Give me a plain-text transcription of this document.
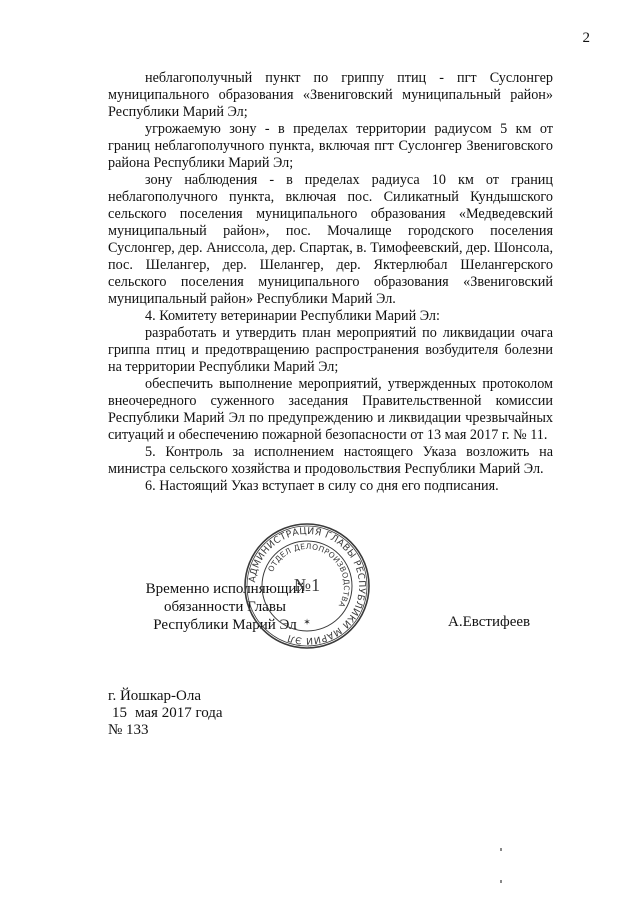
2

неблагополучный пункт по гриппу птиц - пгт Суслонгер муниципального образования «Звениговский муниципальный район» Республики Марий Эл;

угрожаемую зону - в пределах территории радиусом 5 км от границ неблагополучного пункта, включая пгт Суслонгер Звениговского района Республики Марий Эл;

зону наблюдения - в пределах радиуса 10 км от границ неблагополучного пункта, включая пос. Силикатный Кундышского сельского поселения муниципального образования «Медведевский муниципальный район», пос. Мочалище городского поселения Суслонгер, дер. Аниссола, дер. Спартак, в. Тимофеевский, дер. Шонсола, пос. Шелангер, дер. Шелангер, дер. Яктерлюбал Шелангерского сельского поселения муниципального образования «Звениговский муниципальный район» Республики Марий Эл.

4. Комитету ветеринарии Республики Марий Эл:

разработать и утвердить план мероприятий по ликвидации очага гриппа птиц и предотвращению распространения возбудителя болезни на территории Республики Марий Эл;

обеспечить выполнение мероприятий, утвержденных протоколом внеочередного суженного заседания Правительственной комиссии Республики Марий Эл по предупреждению и ликвидации чрезвычайных ситуаций и обеспечению пожарной безопасности от 13 мая 2017 г. № 11.

5. Контроль за исполнением настоящего Указа возложить на министра сельского хозяйства и продовольствия Республики Марий Эл.

6. Настоящий Указ вступает в силу со дня его подписания.

Временно исполняющий
обязанности Главы
Республики Марий Эл
АДМИНИСТРАЦИЯ ГЛАВЫ РЕСПУБЛИКИ МАРИЙ ЭЛ
ОТДЕЛ ДЕЛОПРОИЗВОДСТВА
№1
✶	А.Евстифеев
г. Йошкар-Ола
15 мая 2017 года
№ 133
